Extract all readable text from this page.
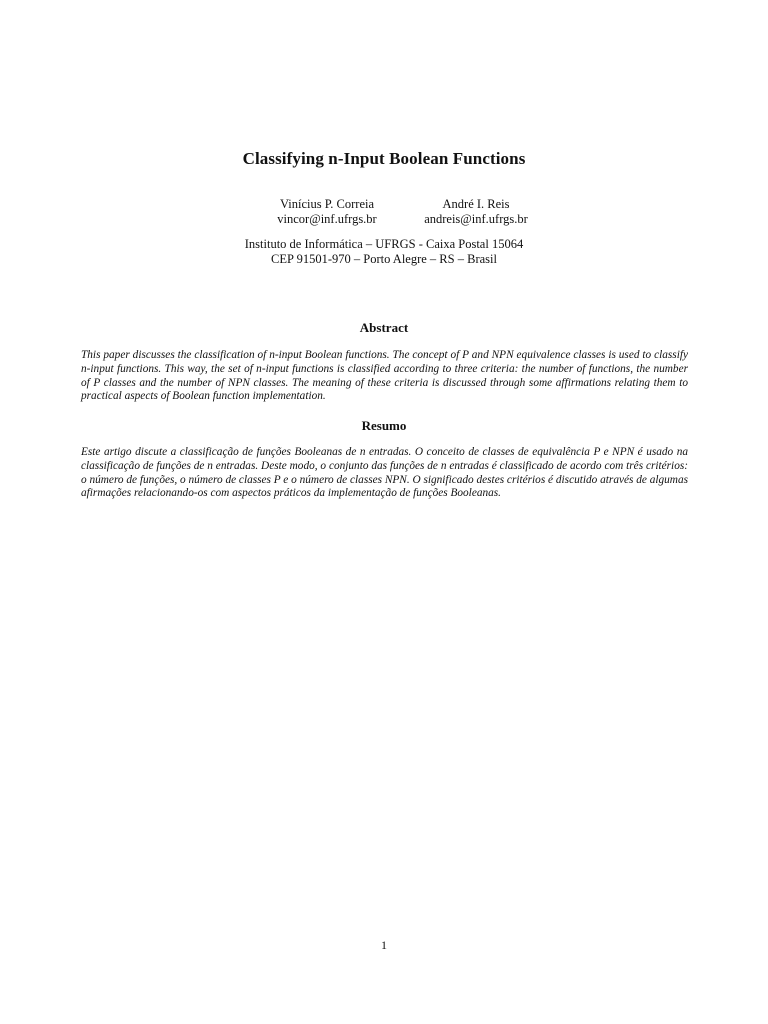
Classifying n-Input Boolean Functions
Vinícius P. Correia
vincor@inf.ufrgs.br
André I. Reis
andreis@inf.ufrgs.br
Instituto de Informática – UFRGS - Caixa Postal 15064
CEP 91501-970 – Porto Alegre – RS – Brasil
Abstract

This paper discusses the classification of n-input Boolean functions. The concept of P and NPN equivalence classes is used to classify n-input functions. This way, the set of n-input functions is classified according to three criteria: the number of functions, the number of P classes and the number of NPN classes. The meaning of these criteria is discussed through some affirmations relating them to practical aspects of Boolean function implementation.

Resumo

Este artigo discute a classificação de funções Booleanas de n entradas. O conceito de classes de equivalência P e NPN é usado na classificação de funções de n entradas. Deste modo, o conjunto das funções de n entradas é classificado de acordo com três critérios: o número de funções, o número de classes P e o número de classes NPN. O significado destes critérios é discutido através de algumas afirmações relacionando-os com aspectos práticos da implementação de funções Booleanas.

1
